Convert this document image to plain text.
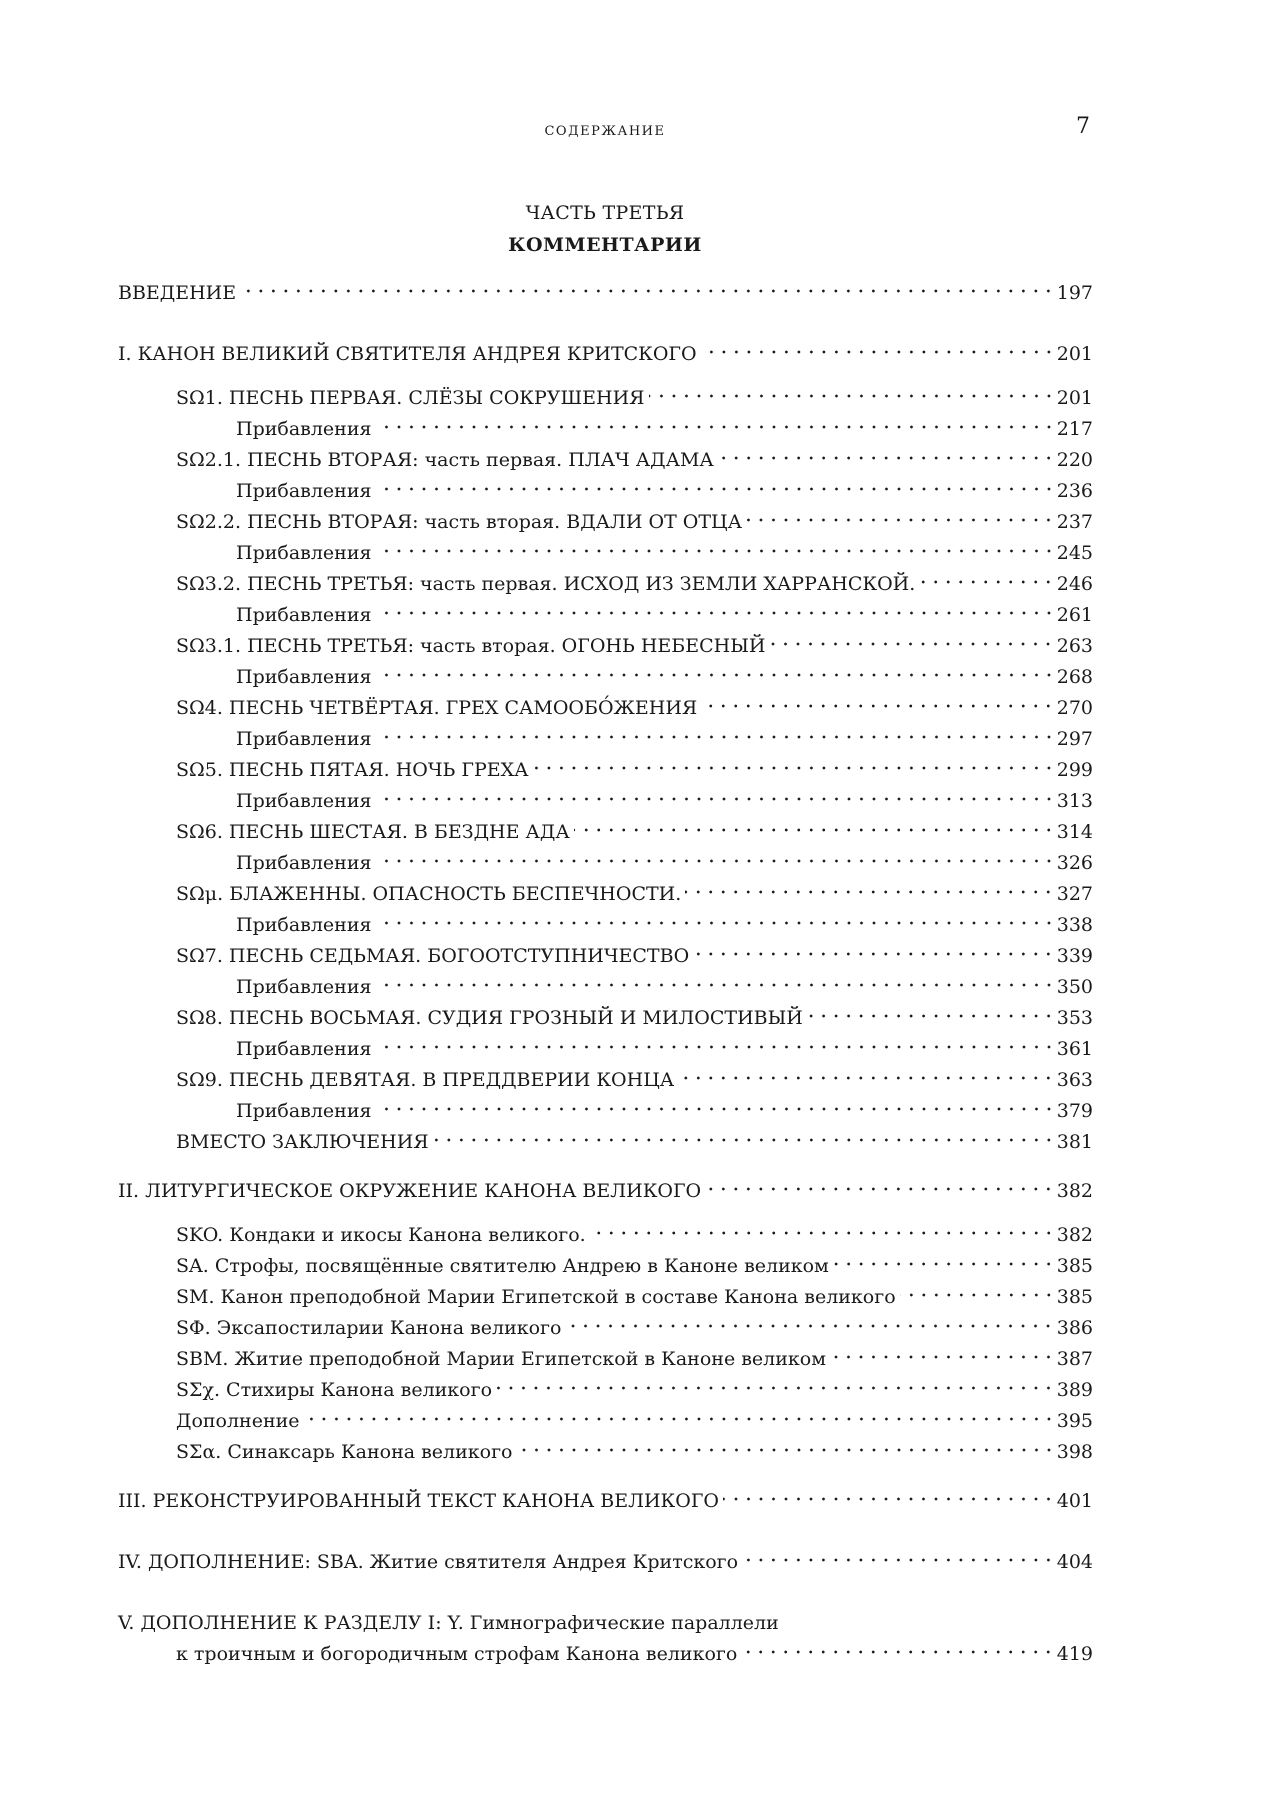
СОДЕРЖАНИЕ	7
ЧАСТЬ ТРЕТЬЯ
КОММЕНТАРИИ
ВВЕДЕНИЕ	197
I. КАНОН ВЕЛИКИЙ СВЯТИТЕЛЯ АНДРЕЯ КРИТСКОГО	201
SΩ1. ПЕСНЬ ПЕРВАЯ. СЛЁЗЫ СОКРУШЕНИЯ	201
Прибавления	217
SΩ2.1. ПЕСНЬ ВТОРАЯ: часть первая. ПЛАЧ АДАМА	220
Прибавления	236
SΩ2.2. ПЕСНЬ ВТОРАЯ: часть вторая. ВДАЛИ ОТ ОТЦА	237
Прибавления	245
SΩ3.2. ПЕСНЬ ТРЕТЬЯ: часть первая. ИСХОД ИЗ ЗЕМЛИ ХАРРАНСКОЙ.	246
Прибавления	261
SΩ3.1. ПЕСНЬ ТРЕТЬЯ: часть вторая. ОГОНЬ НЕБЕСНЫЙ	263
Прибавления	268
SΩ4. ПЕСНЬ ЧЕТВЁРТАЯ. ГРЕХ САМООБО́ЖЕНИЯ	270
Прибавления	297
SΩ5. ПЕСНЬ ПЯТАЯ. НОЧЬ ГРЕХА	299
Прибавления	313
SΩ6. ПЕСНЬ ШЕСТАЯ. В БЕЗДНЕ АДА	314
Прибавления	326
SΩμ. БЛАЖЕННЫ. ОПАСНОСТЬ БЕСПЕЧНОСТИ.	327
Прибавления	338
SΩ7. ПЕСНЬ СЕДЬМАЯ. БОГООТСТУПНИЧЕСТВО	339
Прибавления	350
SΩ8. ПЕСНЬ ВОСЬМАЯ. СУДИЯ ГРОЗНЫЙ И МИЛОСТИВЫЙ	353
Прибавления	361
SΩ9. ПЕСНЬ ДЕВЯТАЯ. В ПРЕДДВЕРИИ КОНЦА	363
Прибавления	379
ВМЕСТО ЗАКЛЮЧЕНИЯ	381
II. ЛИТУРГИЧЕСКОЕ ОКРУЖЕНИЕ КАНОНА ВЕЛИКОГО	382
SKO. Кондаки и икосы Канона великого.	382
SA. Строфы, посвящённые святителю Андрею в Каноне великом	385
SM. Канон преподобной Марии Египетской в составе Канона великого	385
SΦ. Эксапостиларии Канона великого	386
SBM. Житие преподобной Марии Египетской в Каноне великом	387
SΣχ. Стихиры Канона великого	389
Дополнение	395
SΣα. Синаксарь Канона великого	398
III. РЕКОНСТРУИРОВАННЫЙ ТЕКСТ КАНОНА ВЕЛИКОГО	401
IV. ДОПОЛНЕНИЕ: SBA. Житие святителя Андрея Критского	404
V. ДОПОЛНЕНИЕ К РАЗДЕЛУ I: Y. Гимнографические параллели
к троичным и богородичным строфам Канона великого	419
